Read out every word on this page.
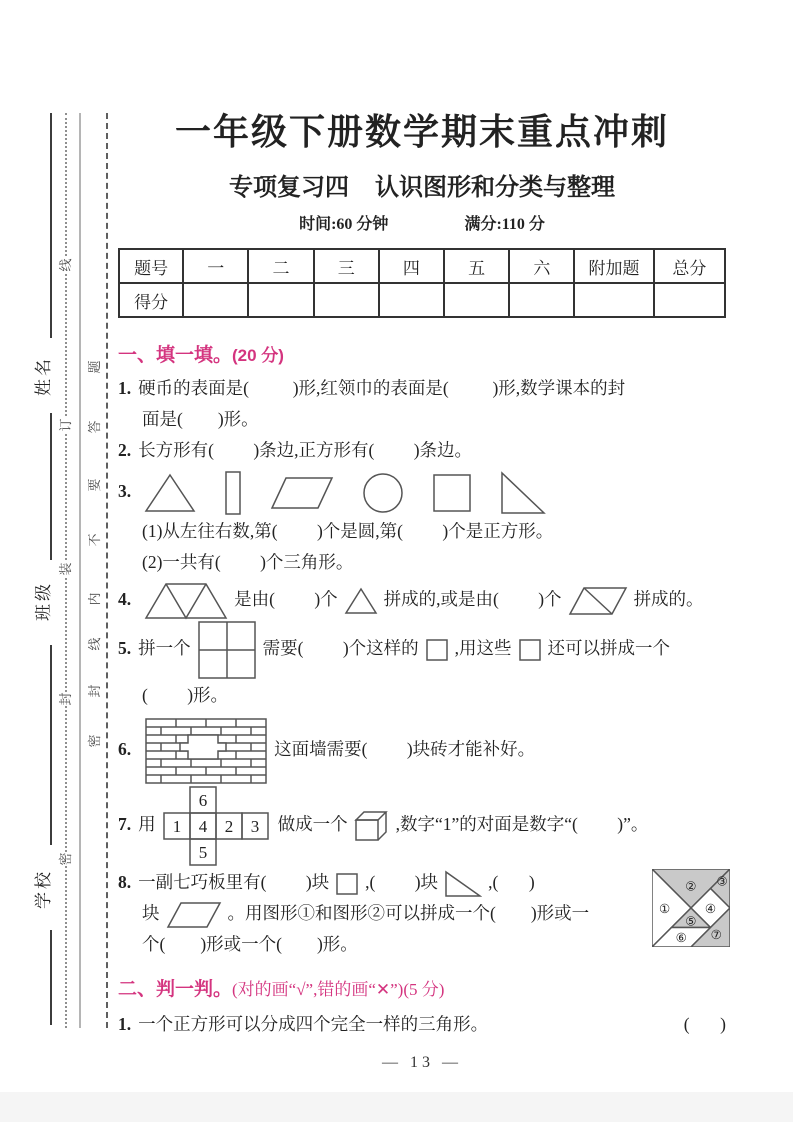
姓名
班级
学校
线
订
装
封
密
题
答
要
不
内
线
封
密
一年级下册数学期末重点冲刺
专项复习四 认识图形和分类与整理
时间:60 分钟	满分:110 分
题号	一	二	三	四	五	六	附加题	总分
得分								
一、填一填。(20 分)
1. 硬币的表面是(          )形,红领巾的表面是(          )形,数学课本的封
面是(        )形。
2. 长方形有(         )条边,正方形有(         )条边。
3.
(1)从左往右数,第(         )个是圆,第(         )个是正方形。
(2)一共有(         )个三角形。
4.	是由(         )个	拼成的,或是由(         )个	拼成的。
5. 拼一个	需要(         )个这样的 ,用这些 还可以拼成一个
(         )形。
6.	这面墙需要(         )块砖才能补好。
7. 用
6
1 4 2 3
5
做成一个	,数字“1”的对面是数字“(         )”。
8. 一副七巧板里有(         )块 ,(         )块	,(       )
块	。用图形①和图形②可以拼成一个(        )形或一
个(        )形或一个(        )形。
①
② ③
④
⑤
⑥ ⑦
二、判一判。(对的画“√”,错的画“✕”)(5 分)
1. 一个正方形可以分成四个完全一样的三角形。	(       )
— 13 —
